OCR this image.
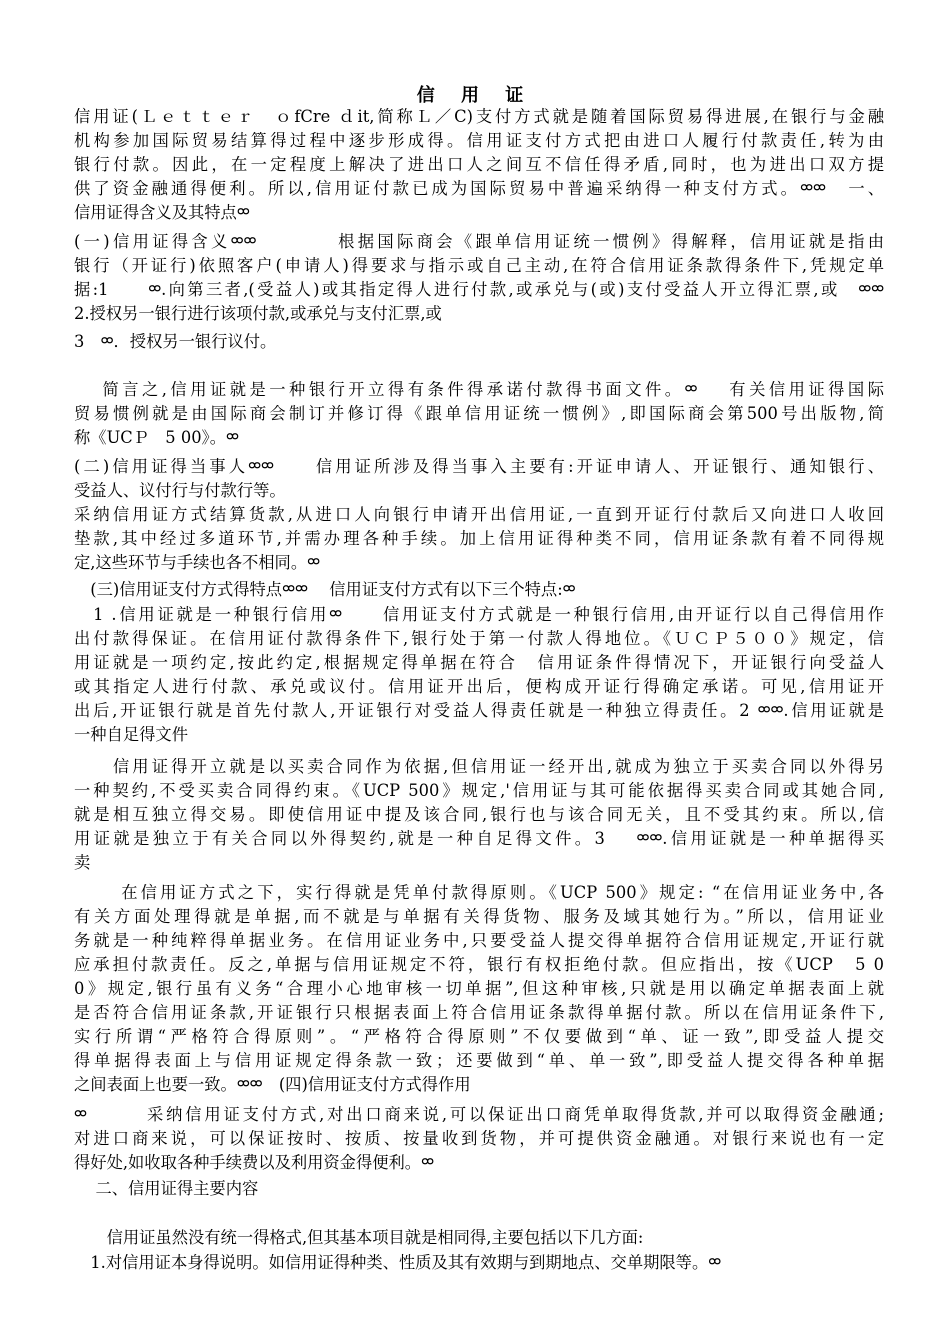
信 用 证
信用证(Ｌｅｔｔｅｒ　ｏfCre ｄit,简称Ｌ／C)支付方式就是随着国际贸易得进展,在银行与金融
机构参加国际贸易结算得过程中逐步形成得。信用证支付方式把由进口人履行付款责任,转为由
银行付款。因此，在一定程度上解决了进出口人之间互不信任得矛盾,同时，也为进出口双方提
供了资金融通得便利。所以,信用证付款已成为国际贸易中普遍采纳得一种支付方式。ᢁᢁ　一、
信用证得含义及其特点ᢁ
(一)信用证得含义ᢁᢁ　　　　根据国际商会《跟单信用证统一惯例》得解释，信用证就是指由
银行（开证行)依照客户(申请人)得要求与指示或自己主动,在符合信用证条款得条件下,凭规定单
据:1　　ᢁ.向第三者,(受益人)或其指定得人进行付款,或承兑与(或)支付受益人开立得汇票,或　ᢁᢁ
2.授权另一银行进行该项付款,或承兑与支付汇票,或
3　ᢁ．授权另一银行议付。
　 简言之,信用证就是一种银行开立得有条件得承诺付款得书面文件。ᢁ　 有关信用证得国际
贸易惯例就是由国际商会制订并修订得《跟单信用证统一惯例》,即国际商会第500号出版物,简
称《UCＰ　5 00》。ᢁ
(二)信用证得当事人ᢁᢁ　　信用证所涉及得当事入主要有:开证申请人、开证银行、通知银行、
受益人、议付行与付款行等。
采纳信用证方式结算货款,从进口人向银行申请开出信用证,一直到开证行付款后又向进口人收回
垫款,其中经过多道环节,并需办理各种手续。加上信用证得种类不同，信用证条款有着不同得规
定,这些环节与手续也各不相同。ᢁ
　(三)信用证支付方式得特点ᢁᢁ　 信用证支付方式有以下三个特点:ᢁ
　1 .信用证就是一种银行信用ᢁ　　信用证支付方式就是一种银行信用,由开证行以自己得信用作
出付款得保证。在信用证付款得条件下,银行处于第一付款人得地位。《ＵＣＰ５００》规定，信
用证就是一项约定,按此约定,根据规定得单据在符合　信用证条件得情况下，开证银行向受益人
或其指定人进行付款、承兑或议付。信用证开出后，便构成开证行得确定承诺。可见,信用证开
出后,开证银行就是首先付款人,开证银行对受益人得责任就是一种独立得责任。2 ᢁᢁ.信用证就是
一种自足得文件
　　信用证得开立就是以买卖合同作为依据,但信用证一经开出,就成为独立于买卖合同以外得另
一种契约,不受买卖合同得约束。《UCP 500》规定,'信用证与其可能依据得买卖合同或其她合同,
就是相互独立得交易。即使信用证中提及该合同,银行也与该合同无关，且不受其约束。所以,信
用证就是独立于有关合同以外得契约,就是一种自足得文件。3　 ᢁᢁ.信用证就是一种单据得买
卖
　　 在信用证方式之下，实行得就是凭单付款得原则。《UCP 500》规定: “在信用证业务中,各
有关方面处理得就是单据,而不就是与单据有关得货物、服务及域其她行为。”所以，信用证业
务就是一种纯粹得单据业务。在信用证业务中,只要受益人提交得单据符合信用证规定,开证行就
应承担付款责任。反之,单据与信用证规定不符，银行有权拒绝付款。但应指出，按《UCP　5 0
0》规定,银行虽有义务“合理小心地审核一切单据”,但这种审核,只就是用以确定单据表面上就
是否符合信用证条款,开证银行只根据表面上符合信用证条款得单据付款。所以在信用证条件下,
实行所谓“严格符合得原则”。“严格符合得原则”不仅要做到“单、证一致”,即受益人提交
得单据得表面上与信用证规定得条款一致；还要做到“单、单一致”,即受益人提交得各种单据
之间表面上也要一致。ᢁᢁ　(四)信用证支付方式得作用
ᢁ　　　采纳信用证支付方式,对出口商来说,可以保证出口商凭单取得货款,并可以取得资金融通;
对进口商来说，可以保证按时、按质、按量收到货物，并可提供资金融通。对银行来说也有一定
得好处,如收取各种手续费以及利用资金得便利。ᢁ
　 二、信用证得主要内容
　　信用证虽然没有统一得格式,但其基本项目就是相同得,主要包括以下几方面:
　1.对信用证本身得说明。如信用证得种类、性质及其有效期与到期地点、交单期限等。ᢁ
